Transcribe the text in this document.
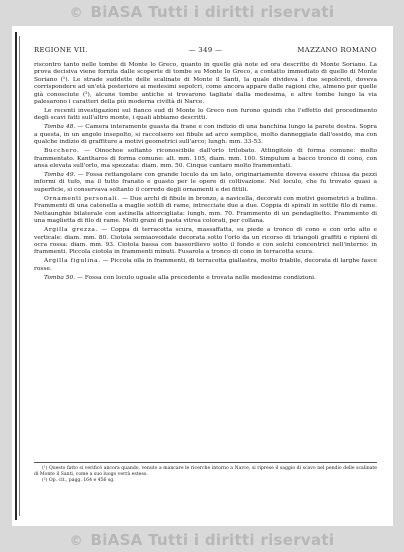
© BiASA Tutti i diritti riservati
REGIONE VII.	— 349 —	MAZZANO ROMANO

riscontro tanto nelle tombe di Monte lo Greco, quanto in quelle già note ed ora descritte di Monte Soriano. La prova decisiva viene fornita dalle scoperte di tombe su Monte lo Greco, a contatto immediato di quello di Monte Soriano (¹). Le strade suddette delle scalinate di Monte il Santi, la quale divideva i due sepolcreti, doveva corrispondere ad un'età posteriore ai medesimi sepolcri, come ancora appare dalle ragioni che, almeno per quelle già conosciute (²), alcune tombe antiche si trovarono tagliate dalla medesima, e altre tombe lungo la via palesarono i caratteri della più moderna civiltà di Narce.

Le recenti investigazioni sul fianco sud di Monte lo Greco non furono quindi che l'effetto del procedimento degli scavi fatti sull'altro monte, i quali abbiamo descritti.

Tomba 48. — Camera interamente guasta da frane e con indizio di una banchina lungo la parete destra. Sopra a questa, in un angolo insepolto, si raccolsero sei fibule ad arco semplice, molto danneggiate dall'ossido, ma con qualche indizio di graffiture a motivi geometrici sull'arco; lungh. mm. 33-53.

Bucchero. — Oinochoe soltanto riconoscibile dall'orlo trilobato. Attingitoio di forma comune: molto frammentato. Kantharos di forma comune: alt. mm. 105, diam. mm. 100. Simpulum a bacco tronco di cono, con ansa elevata sull'orlo, ma spezzata: diam. mm. 50. Cinque cantaro molto frammentati.

Tomba 49. — Fossa rettangolare con grande loculo da un lato, originariamente doveva essere chiusa da pezzi informi di tufo, ma il tutto franato e guasto per le opere di coltivazione. Nel loculo, che fu trovato quasi a superficie, si conservava soltanto il corredo degli ornamenti e dei fittili.

Ornamenti personali. — Due archi di fibule in bronzo, a navicella, decorati con motivi geometrici a bulino. Frammenti di una catenella a maglie sottili di rame, intrecciate due a due. Coppia di spirali in sottile filo di rame. Nettaunghie bilaterale con astinella attorcigliata: lungh. mm. 70. Frammento di un pendaglietto. Frammento di una maglietta di filo di rame. Molti grani di pasta vitrea colorati, per collana.

Argilla grezza. — Coppa di terracotta scura, massaffatta, su piede a tronco di cono e con orlo alto e verticale: diam. mm. 80. Ciotola semiaovoidale decorata sotto l'orlo da un ricorso di triangoli graffiti e ripieni di ocra rossa: diam. mm. 93. Ciotola bassa con bassorilievo sotto il fondo e con solchi concentrici nell'interno: in frammenti. Piccola ciotola in frammenti minuti. Fusarola a tronco di cono in terracotta scura.

Argilla figulina. — Piccola olla in frammenti, di terracotta giallastra, molto friabile, decorata di larghe fasce rosse.

Tomba 50. — Fossa con loculo uguale alla precedente e trovata nelle medesime condizioni.

(¹) Questo fatto si verificò ancora quando, venuto a mancare le ricerche intorno a Narce, si riprese il saggio di scavo nel pendio delle scalinate di Monte il Santi, come a suo luogo verrà esteso.

(²) Op. cit., pagg. 164 e 456 sg.

© BiASA Tutti i diritti riservati
